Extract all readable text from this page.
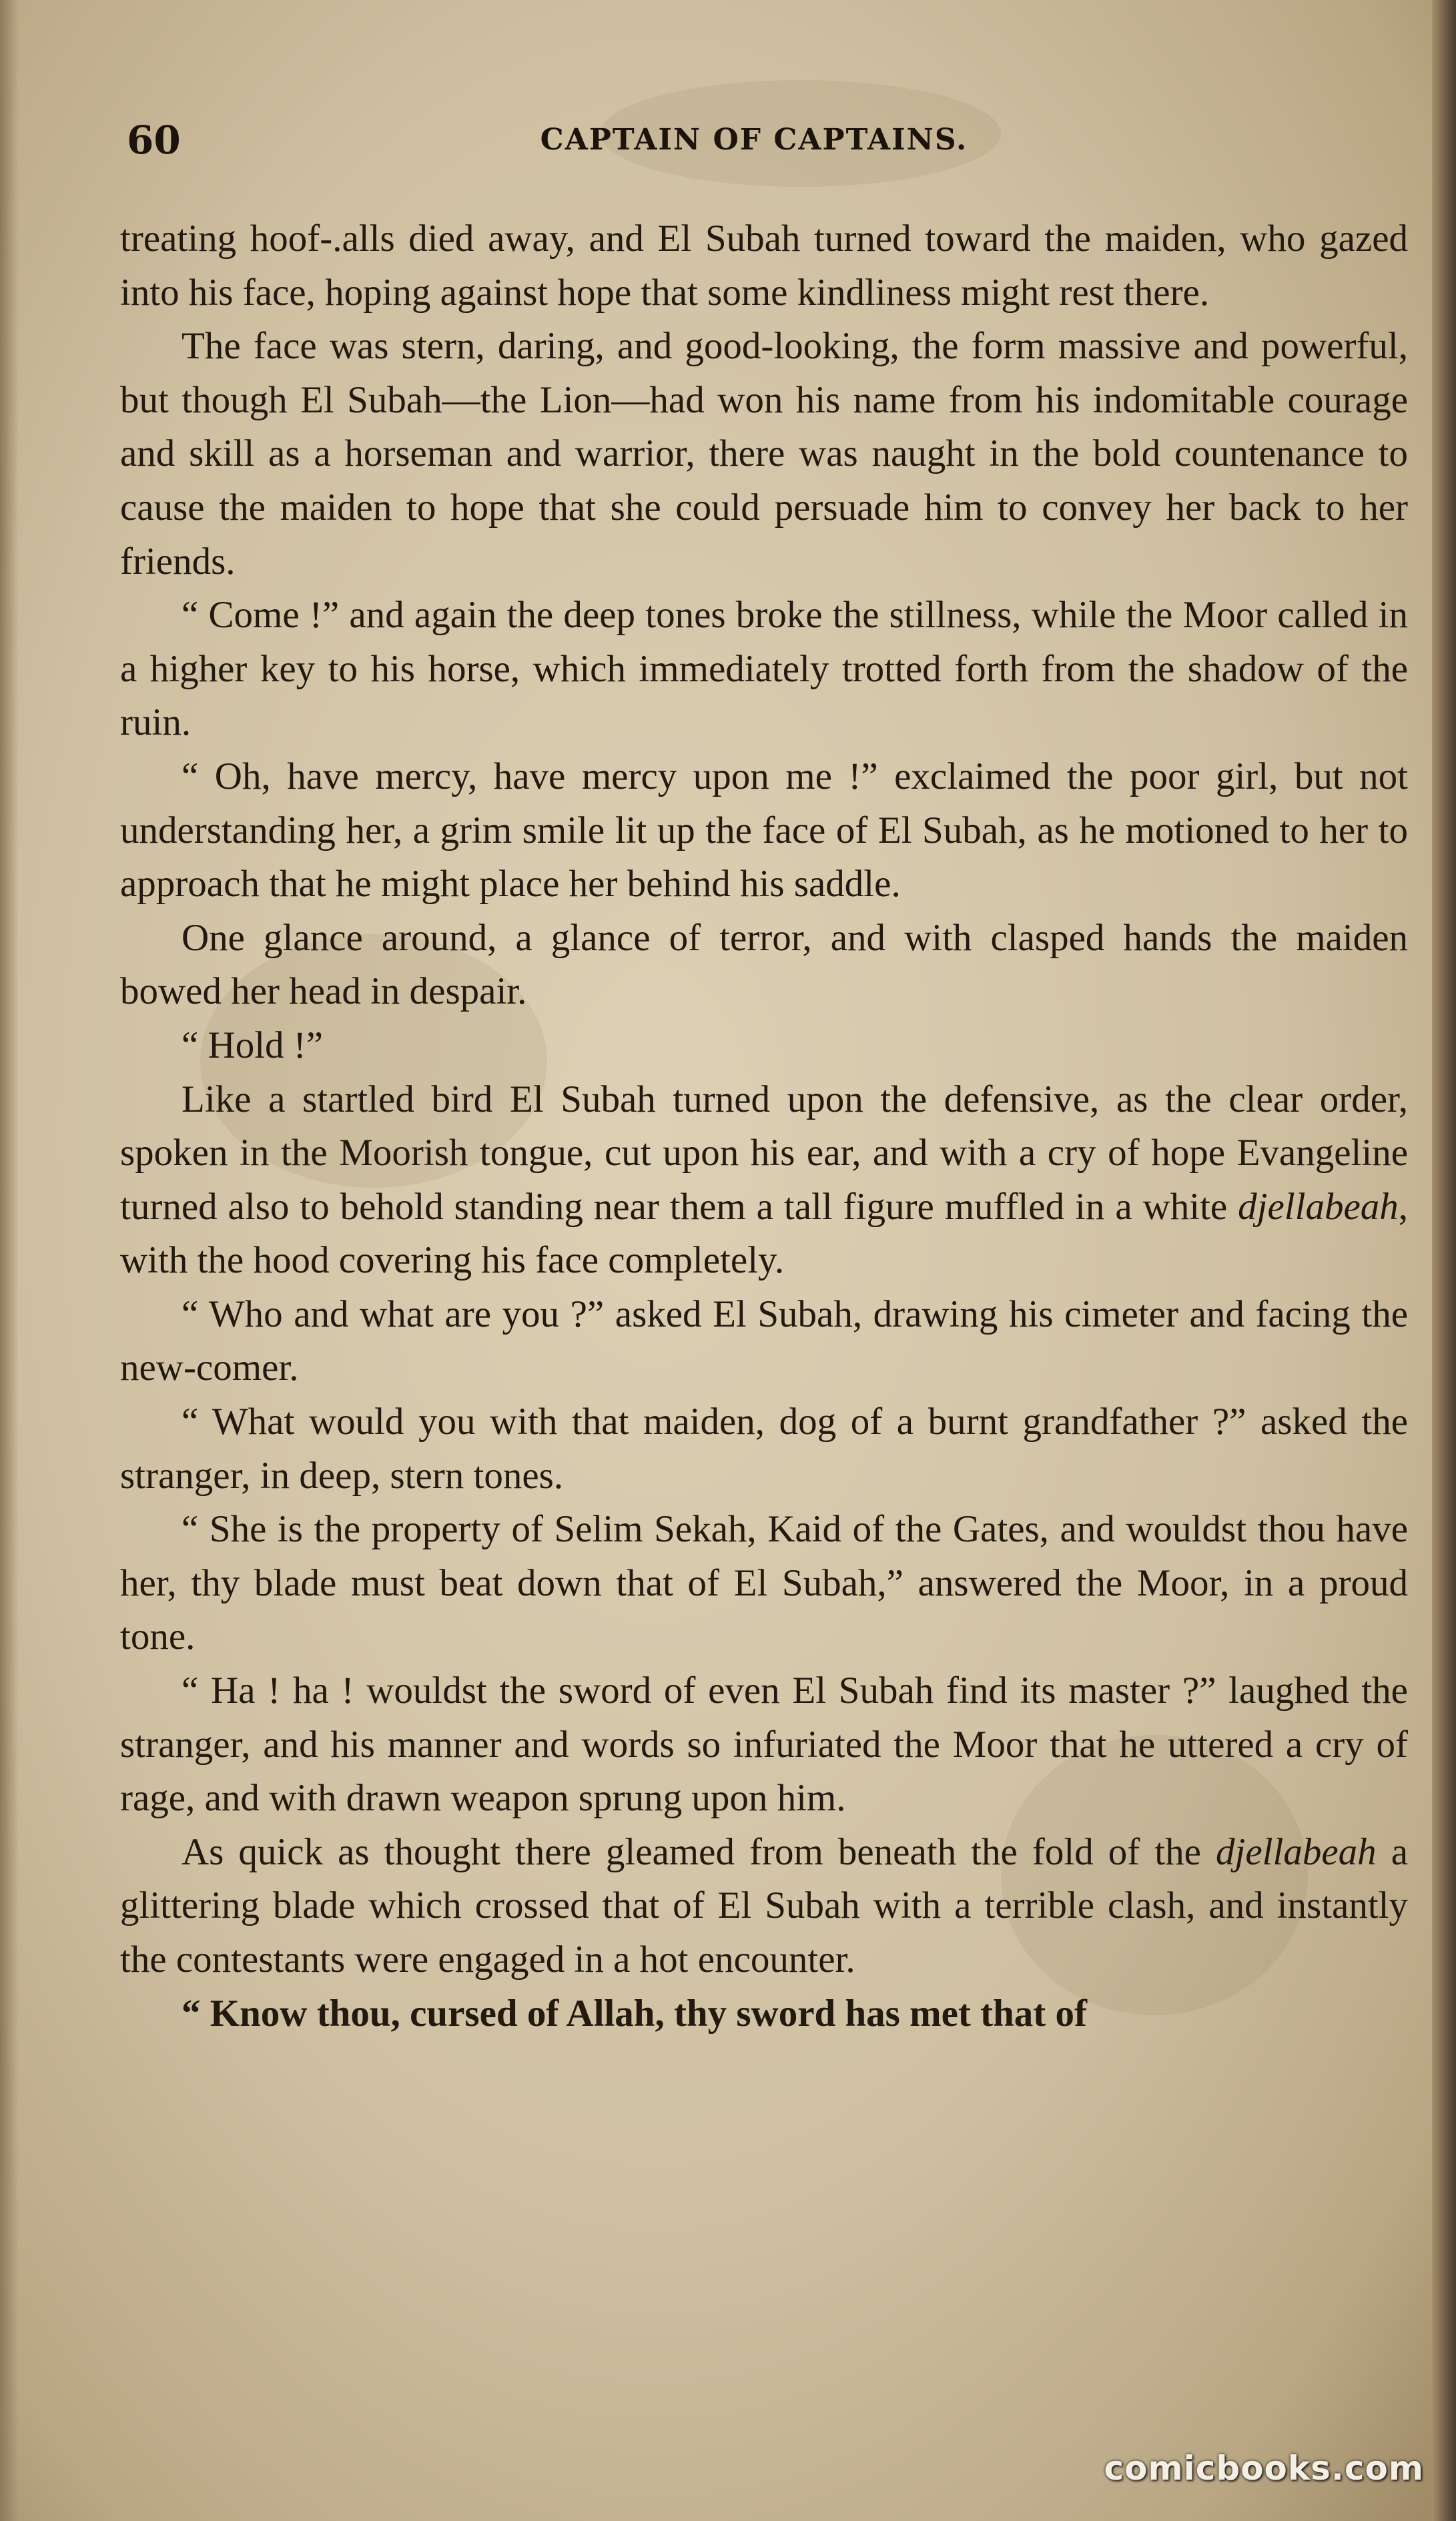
60	CAPTAIN OF CAPTAINS.

treating hoof-.alls died away, and El Subah turned toward the maiden, who gazed into his face, hoping against hope that some kindliness might rest there.

The face was stern, daring, and good-looking, the form massive and powerful, but though El Subah—the Lion—had won his name from his indomitable courage and skill as a horseman and warrior, there was naught in the bold countenance to cause the maiden to hope that she could persuade him to convey her back to her friends.

“ Come !” and again the deep tones broke the stillness, while the Moor called in a higher key to his horse, which immediately trotted forth from the shadow of the ruin.

“ Oh, have mercy, have mercy upon me !” exclaimed the poor girl, but not understanding her, a grim smile lit up the face of El Subah, as he motioned to her to approach that he might place her behind his saddle.

One glance around, a glance of terror, and with clasped hands the maiden bowed her head in despair.

“ Hold !”

Like a startled bird El Subah turned upon the defensive, as the clear order, spoken in the Moorish tongue, cut upon his ear, and with a cry of hope Evangeline turned also to behold standing near them a tall figure muffled in a white djellabeah, with the hood covering his face completely.

“ Who and what are you ?” asked El Subah, drawing his cimeter and facing the new-comer.

“ What would you with that maiden, dog of a burnt grandfather ?” asked the stranger, in deep, stern tones.

“ She is the property of Selim Sekah, Kaid of the Gates, and wouldst thou have her, thy blade must beat down that of El Subah,” answered the Moor, in a proud tone.

“ Ha ! ha ! wouldst the sword of even El Subah find its master ?” laughed the stranger, and his manner and words so infuriated the Moor that he uttered a cry of rage, and with drawn weapon sprung upon him.

As quick as thought there gleamed from beneath the fold of the djellabeah a glittering blade which crossed that of El Subah with a terrible clash, and instantly the contestants were engaged in a hot encounter.

“ Know thou, cursed of Allah, thy sword has met that of

comicbooks.com
